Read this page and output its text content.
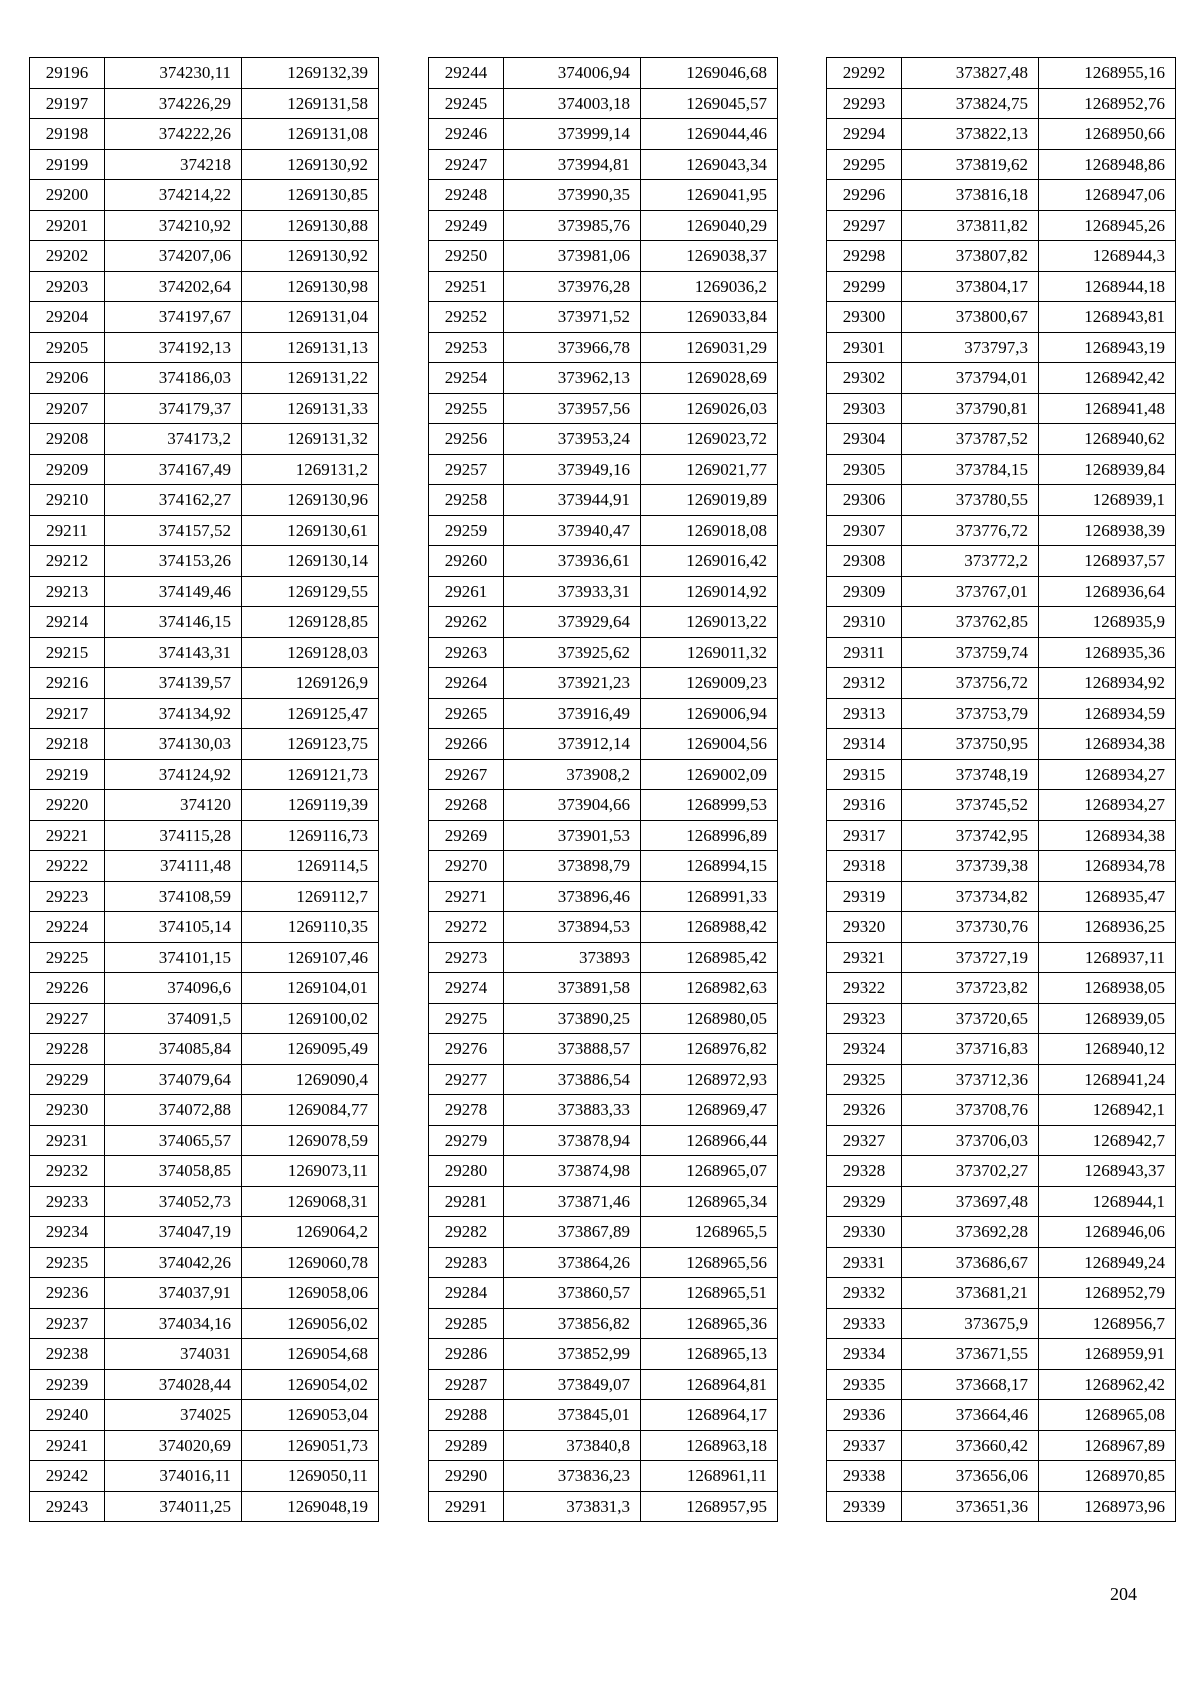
29196	374230,11	1269132,39
29197	374226,29	1269131,58
29198	374222,26	1269131,08
29199	374218	1269130,92
29200	374214,22	1269130,85
29201	374210,92	1269130,88
29202	374207,06	1269130,92
29203	374202,64	1269130,98
29204	374197,67	1269131,04
29205	374192,13	1269131,13
29206	374186,03	1269131,22
29207	374179,37	1269131,33
29208	374173,2	1269131,32
29209	374167,49	1269131,2
29210	374162,27	1269130,96
29211	374157,52	1269130,61
29212	374153,26	1269130,14
29213	374149,46	1269129,55
29214	374146,15	1269128,85
29215	374143,31	1269128,03
29216	374139,57	1269126,9
29217	374134,92	1269125,47
29218	374130,03	1269123,75
29219	374124,92	1269121,73
29220	374120	1269119,39
29221	374115,28	1269116,73
29222	374111,48	1269114,5
29223	374108,59	1269112,7
29224	374105,14	1269110,35
29225	374101,15	1269107,46
29226	374096,6	1269104,01
29227	374091,5	1269100,02
29228	374085,84	1269095,49
29229	374079,64	1269090,4
29230	374072,88	1269084,77
29231	374065,57	1269078,59
29232	374058,85	1269073,11
29233	374052,73	1269068,31
29234	374047,19	1269064,2
29235	374042,26	1269060,78
29236	374037,91	1269058,06
29237	374034,16	1269056,02
29238	374031	1269054,68
29239	374028,44	1269054,02
29240	374025	1269053,04
29241	374020,69	1269051,73
29242	374016,11	1269050,11
29243	374011,25	1269048,19
29244	374006,94	1269046,68
29245	374003,18	1269045,57
29246	373999,14	1269044,46
29247	373994,81	1269043,34
29248	373990,35	1269041,95
29249	373985,76	1269040,29
29250	373981,06	1269038,37
29251	373976,28	1269036,2
29252	373971,52	1269033,84
29253	373966,78	1269031,29
29254	373962,13	1269028,69
29255	373957,56	1269026,03
29256	373953,24	1269023,72
29257	373949,16	1269021,77
29258	373944,91	1269019,89
29259	373940,47	1269018,08
29260	373936,61	1269016,42
29261	373933,31	1269014,92
29262	373929,64	1269013,22
29263	373925,62	1269011,32
29264	373921,23	1269009,23
29265	373916,49	1269006,94
29266	373912,14	1269004,56
29267	373908,2	1269002,09
29268	373904,66	1268999,53
29269	373901,53	1268996,89
29270	373898,79	1268994,15
29271	373896,46	1268991,33
29272	373894,53	1268988,42
29273	373893	1268985,42
29274	373891,58	1268982,63
29275	373890,25	1268980,05
29276	373888,57	1268976,82
29277	373886,54	1268972,93
29278	373883,33	1268969,47
29279	373878,94	1268966,44
29280	373874,98	1268965,07
29281	373871,46	1268965,34
29282	373867,89	1268965,5
29283	373864,26	1268965,56
29284	373860,57	1268965,51
29285	373856,82	1268965,36
29286	373852,99	1268965,13
29287	373849,07	1268964,81
29288	373845,01	1268964,17
29289	373840,8	1268963,18
29290	373836,23	1268961,11
29291	373831,3	1268957,95
29292	373827,48	1268955,16
29293	373824,75	1268952,76
29294	373822,13	1268950,66
29295	373819,62	1268948,86
29296	373816,18	1268947,06
29297	373811,82	1268945,26
29298	373807,82	1268944,3
29299	373804,17	1268944,18
29300	373800,67	1268943,81
29301	373797,3	1268943,19
29302	373794,01	1268942,42
29303	373790,81	1268941,48
29304	373787,52	1268940,62
29305	373784,15	1268939,84
29306	373780,55	1268939,1
29307	373776,72	1268938,39
29308	373772,2	1268937,57
29309	373767,01	1268936,64
29310	373762,85	1268935,9
29311	373759,74	1268935,36
29312	373756,72	1268934,92
29313	373753,79	1268934,59
29314	373750,95	1268934,38
29315	373748,19	1268934,27
29316	373745,52	1268934,27
29317	373742,95	1268934,38
29318	373739,38	1268934,78
29319	373734,82	1268935,47
29320	373730,76	1268936,25
29321	373727,19	1268937,11
29322	373723,82	1268938,05
29323	373720,65	1268939,05
29324	373716,83	1268940,12
29325	373712,36	1268941,24
29326	373708,76	1268942,1
29327	373706,03	1268942,7
29328	373702,27	1268943,37
29329	373697,48	1268944,1
29330	373692,28	1268946,06
29331	373686,67	1268949,24
29332	373681,21	1268952,79
29333	373675,9	1268956,7
29334	373671,55	1268959,91
29335	373668,17	1268962,42
29336	373664,46	1268965,08
29337	373660,42	1268967,89
29338	373656,06	1268970,85
29339	373651,36	1268973,96
204
